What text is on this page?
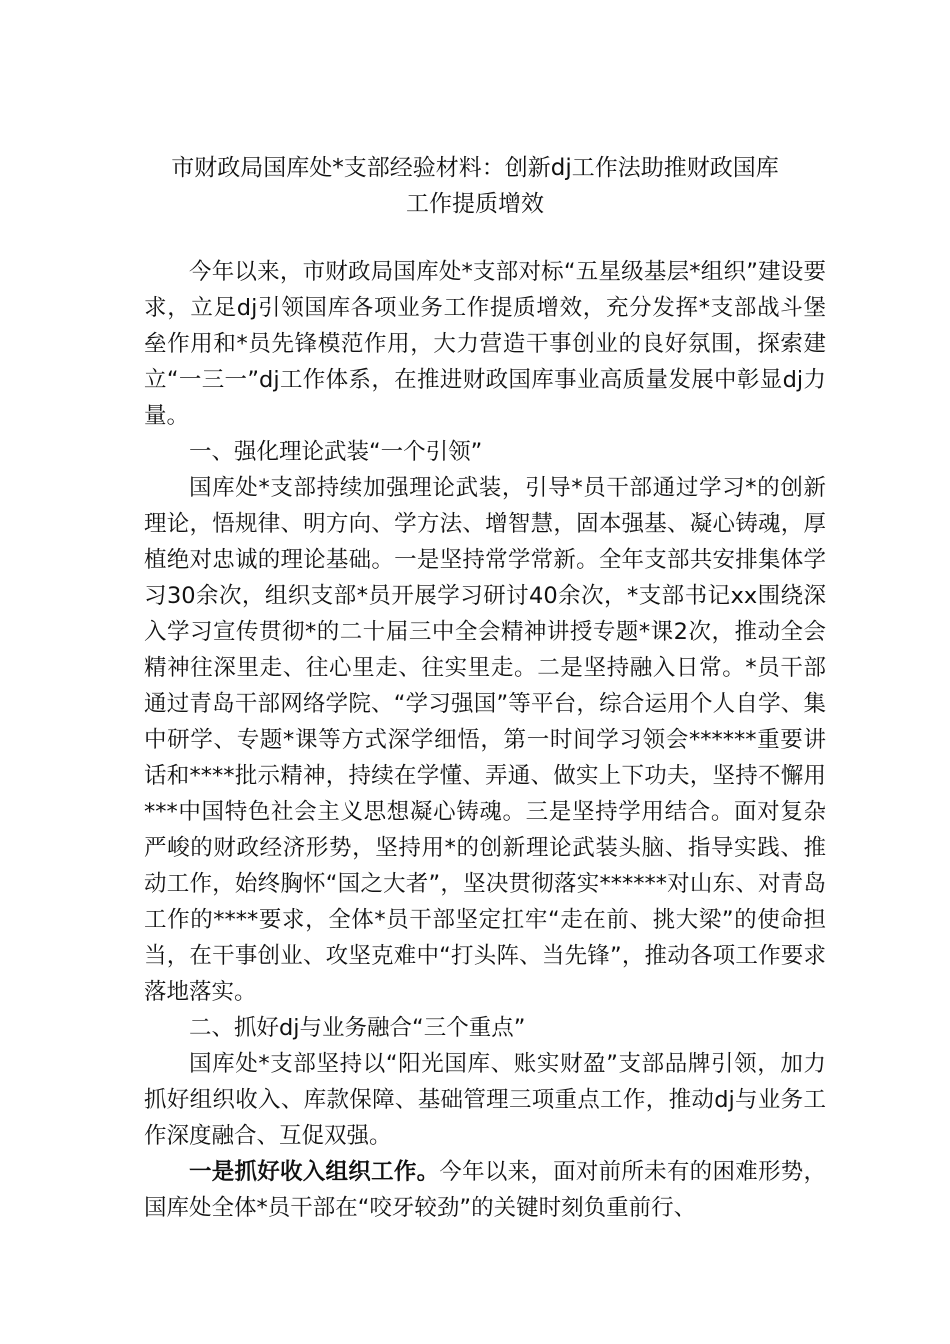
市财政局国库处*支部经验材料：创新dj工作法助推财政国库
工作提质增效

今年以来，市财政局国库处*支部对标“五星级基层*组织”建设要求，立足dj引领国库各项业务工作提质增效，充分发挥*支部战斗堡垒作用和*员先锋模范作用，大力营造干事创业的良好氛围，探索建立“一三一”dj工作体系，在推进财政国库事业高质量发展中彰显dj力量。

一、强化理论武装“一个引领”

国库处*支部持续加强理论武装，引导*员干部通过学习*的创新理论，悟规律、明方向、学方法、增智慧，固本强基、凝心铸魂，厚植绝对忠诚的理论基础。一是坚持常学常新。全年支部共安排集体学习30余次，组织支部*员开展学习研讨40余次，*支部书记xx围绕深入学习宣传贯彻*的二十届三中全会精神讲授专题*课2次，推动全会精神往深里走、往心里走、往实里走。二是坚持融入日常。*员干部通过青岛干部网络学院、“学习强国”等平台，综合运用个人自学、集中研学、专题*课等方式深学细悟，第一时间学习领会******重要讲话和****批示精神，持续在学懂、弄通、做实上下功夫，坚持不懈用***中国特色社会主义思想凝心铸魂。三是坚持学用结合。面对复杂严峻的财政经济形势，坚持用*的创新理论武装头脑、指导实践、推动工作，始终胸怀“国之大者”，坚决贯彻落实******对山东、对青岛工作的****要求，全体*员干部坚定扛牢“走在前、挑大梁”的使命担当，在干事创业、攻坚克难中“打头阵、当先锋”，推动各项工作要求落地落实。

二、抓好dj与业务融合“三个重点”

国库处*支部坚持以“阳光国库、账实财盈”支部品牌引领，加力抓好组织收入、库款保障、基础管理三项重点工作，推动dj与业务工作深度融合、互促双强。

一是抓好收入组织工作。今年以来，面对前所未有的困难形势，国库处全体*员干部在“咬牙较劲”的关键时刻负重前行、
